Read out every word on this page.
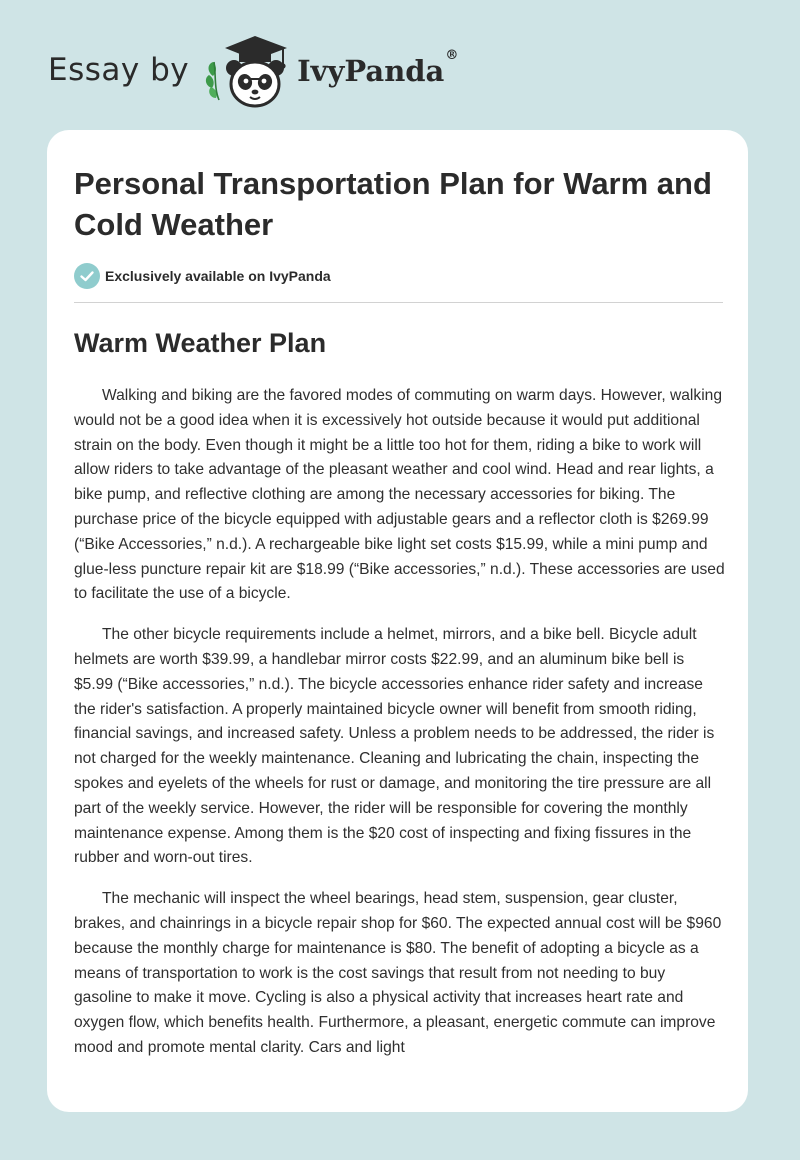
Essay by	IvyPanda®
Personal Transportation Plan for Warm and Cold Weather
Exclusively available on IvyPanda
Warm Weather Plan

Walking and biking are the favored modes of commuting on warm days. However, walking would not be a good idea when it is excessively hot outside because it would put additional strain on the body. Even though it might be a little too hot for them, riding a bike to work will allow riders to take advantage of the pleasant weather and cool wind. Head and rear lights, a bike pump, and reflective clothing are among the necessary accessories for biking. The purchase price of the bicycle equipped with adjustable gears and a reflector cloth is $269.99 (“Bike Accessories,” n.d.). A rechargeable bike light set costs $15.99, while a mini pump and glue-less puncture repair kit are $18.99 (“Bike accessories,” n.d.). These accessories are used to facilitate the use of a bicycle.

The other bicycle requirements include a helmet, mirrors, and a bike bell. Bicycle adult helmets are worth $39.99, a handlebar mirror costs $22.99, and an aluminum bike bell is $5.99 (“Bike accessories,” n.d.). The bicycle accessories enhance rider safety and increase the rider's satisfaction. A properly maintained bicycle owner will benefit from smooth riding, financial savings, and increased safety. Unless a problem needs to be addressed, the rider is not charged for the weekly maintenance. Cleaning and lubricating the chain, inspecting the spokes and eyelets of the wheels for rust or damage, and monitoring the tire pressure are all part of the weekly service. However, the rider will be responsible for covering the monthly maintenance expense. Among them is the $20 cost of inspecting and fixing fissures in the rubber and worn-out tires.

The mechanic will inspect the wheel bearings, head stem, suspension, gear cluster, brakes, and chainrings in a bicycle repair shop for $60. The expected annual cost will be $960 because the monthly charge for maintenance is $80. The benefit of adopting a bicycle as a means of transportation to work is the cost savings that result from not needing to buy gasoline to make it move. Cycling is also a physical activity that increases heart rate and oxygen flow, which benefits health. Furthermore, a pleasant, energetic commute can improve mood and promote mental clarity. Cars and light
